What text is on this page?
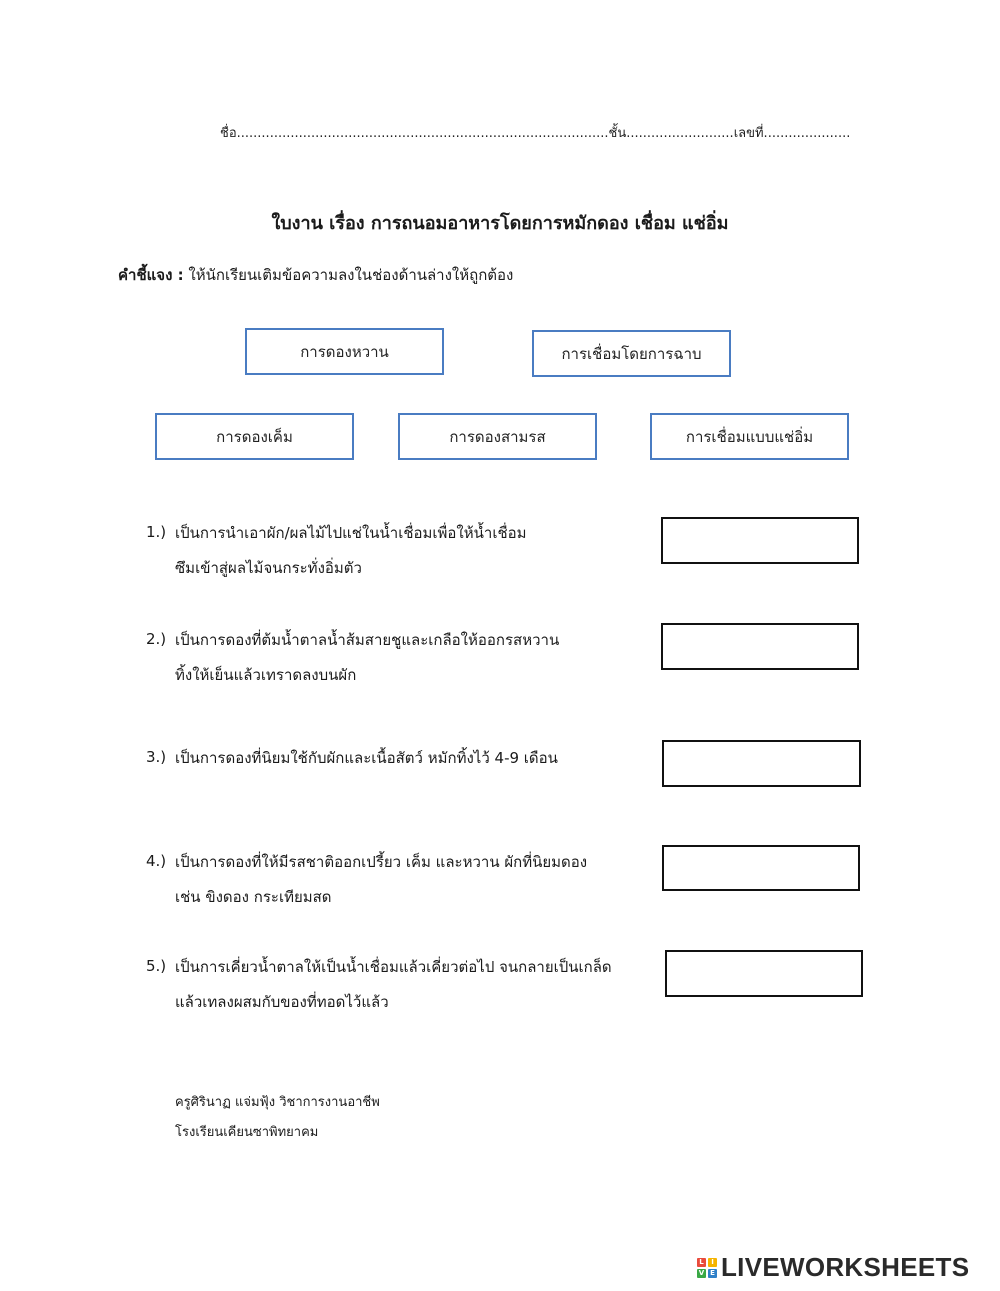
ชื่อ..........................................................................................ชั้น..........................เลขที่.....................
ใบงาน เรื่อง การถนอมอาหารโดยการหมักดอง เชื่อม แช่อิ่ม
คำชี้แจง : ให้นักเรียนเติมข้อความลงในช่องด้านล่างให้ถูกต้อง
การดองหวาน	การเชื่อมโดยการฉาบ
การดองเค็ม	การดองสามรส	การเชื่อมแบบแช่อิ่ม
1.) เป็นการนำเอาผัก/ผลไม้ไปแช่ในน้ำเชื่อมเพื่อให้น้ำเชื่อม
ซึมเข้าสู่ผลไม้จนกระทั่งอิ่มตัว
2.) เป็นการดองที่ต้มน้ำตาลน้ำส้มสายชูและเกลือให้ออกรสหวาน
ทิ้งให้เย็นแล้วเทราดลงบนผัก
3.) เป็นการดองที่นิยมใช้กับผักและเนื้อสัตว์ หมักทิ้งไว้ 4-9 เดือน
4.) เป็นการดองที่ให้มีรสชาติออกเปรี้ยว เค็ม และหวาน ผักที่นิยมดอง
เช่น ขิงดอง กระเทียมสด
5.) เป็นการเคี่ยวน้ำตาลให้เป็นน้ำเชื่อมแล้วเคี่ยวต่อไป จนกลายเป็นเกล็ด
แล้วเทลงผสมกับของที่ทอดไว้แล้ว
ครูศิรินาฏ แจ่มฟุ้ง วิชาการงานอาชีพ
โรงเรียนเคียนซาพิทยาคม
L	I
V E LIVEWORKSHEETS
